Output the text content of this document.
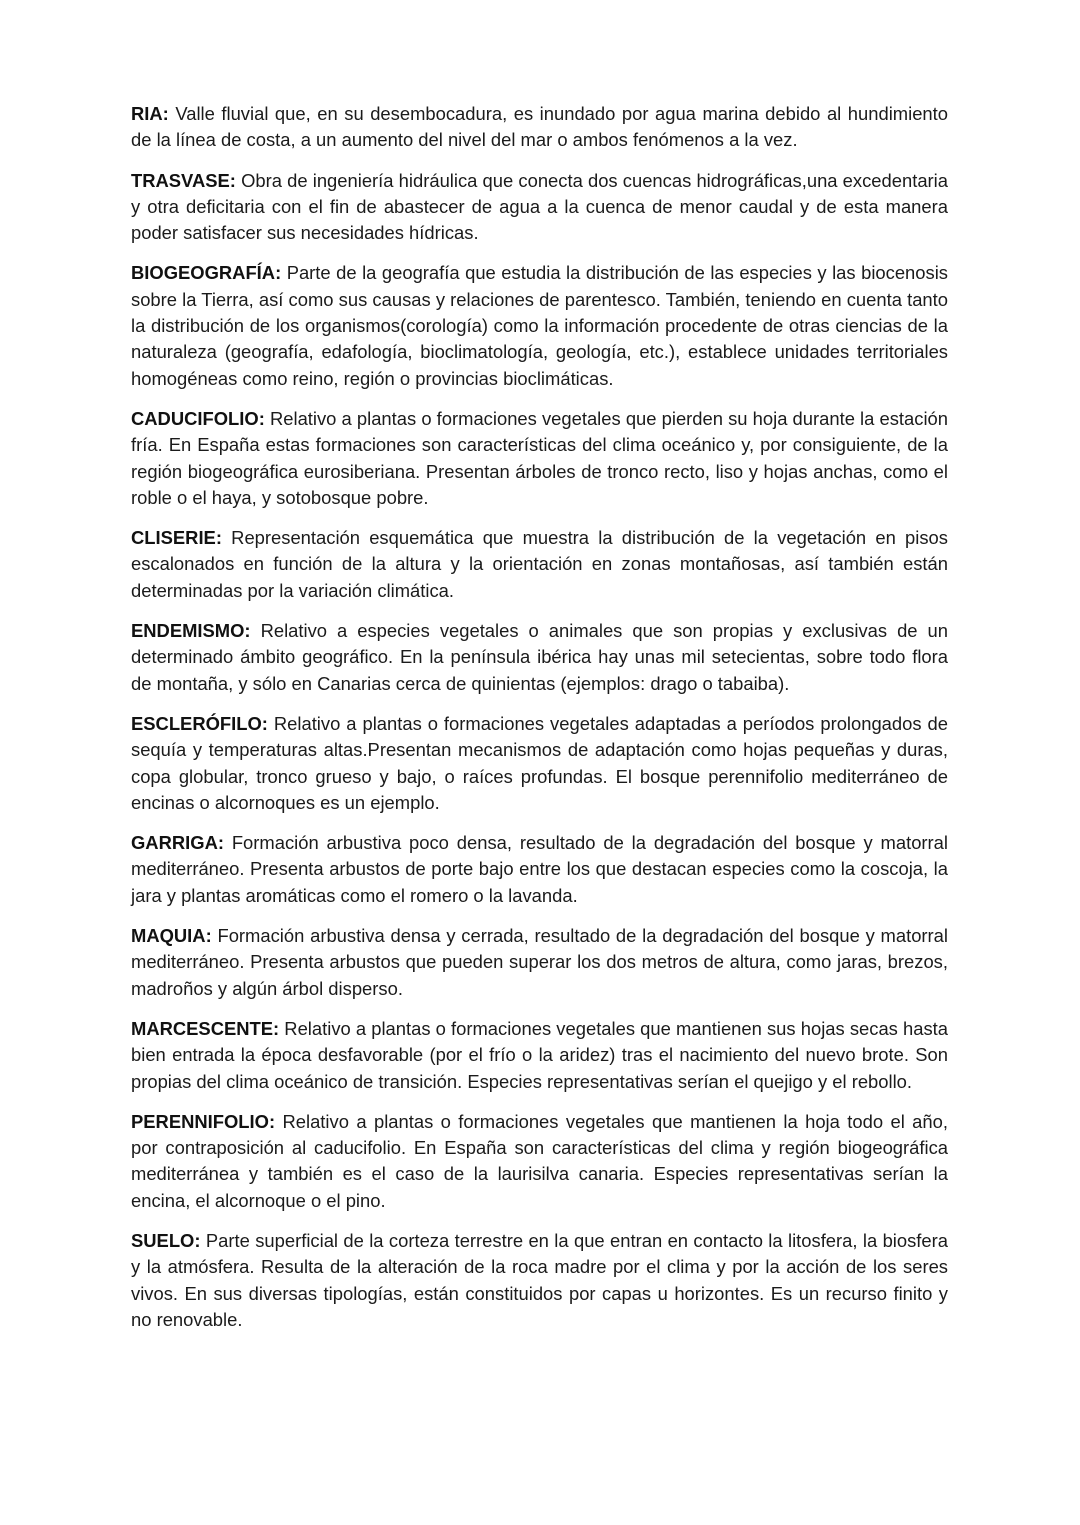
RIA: Valle fluvial que, en su desembocadura, es inundado por agua marina debido al hundimiento de la línea de costa, a un aumento del nivel del mar o ambos fenómenos a la vez.

TRASVASE: Obra de ingeniería hidráulica que conecta dos cuencas hidrográficas,una excedentaria y otra deficitaria con el fin de abastecer de agua a la cuenca de menor caudal y de esta manera poder satisfacer sus necesidades hídricas.

BIOGEOGRAFÍA: Parte de la geografía que estudia la distribución de las especies y las biocenosis sobre la Tierra, así como sus causas y relaciones de parentesco. También, teniendo en cuenta tanto la distribución de los organismos(corología) como la información procedente de otras ciencias de la naturaleza (geografía, edafología, bioclimatología, geología, etc.), establece unidades territoriales homogéneas como reino, región o provincias bioclimáticas.

CADUCIFOLIO: Relativo a plantas o formaciones vegetales que pierden su hoja durante la estación fría. En España estas formaciones son características del clima oceánico y, por consiguiente, de la región biogeográfica eurosiberiana. Presentan árboles de tronco recto, liso y hojas anchas, como el roble o el haya, y sotobosque pobre.

CLISERIE: Representación esquemática que muestra la distribución de la vegetación en pisos escalonados en función de la altura y la orientación en zonas montañosas, así también están determinadas por la variación climática.

ENDEMISMO: Relativo a especies vegetales o animales que son propias y exclusivas de un determinado ámbito geográfico. En la península ibérica hay unas mil setecientas, sobre todo flora de montaña, y sólo en Canarias cerca de quinientas (ejemplos: drago o tabaiba).

ESCLERÓFILO: Relativo a plantas o formaciones vegetales adaptadas a períodos prolongados de sequía y temperaturas altas.Presentan mecanismos de adaptación como hojas pequeñas y duras, copa globular, tronco grueso y bajo, o raíces profundas. El bosque perennifolio mediterráneo de encinas o alcornoques es un ejemplo.

GARRIGA: Formación arbustiva poco densa, resultado de la degradación del bosque y matorral mediterráneo. Presenta arbustos de porte bajo entre los que destacan especies como la coscoja, la jara y plantas aromáticas como el romero o la lavanda.

MAQUIA: Formación arbustiva densa y cerrada, resultado de la degradación del bosque y matorral mediterráneo. Presenta arbustos que pueden superar los dos metros de altura, como jaras, brezos, madroños y algún árbol disperso.

MARCESCENTE: Relativo a plantas o formaciones vegetales que mantienen sus hojas secas hasta bien entrada la época desfavorable (por el frío o la aridez) tras el nacimiento del nuevo brote. Son propias del clima oceánico de transición. Especies representativas serían el quejigo y el rebollo.

PERENNIFOLIO: Relativo a plantas o formaciones vegetales que mantienen la hoja todo el año, por contraposición al caducifolio. En España son características del clima y región biogeográfica mediterránea y también es el caso de la laurisilva canaria. Especies representativas serían la encina, el alcornoque o el pino.

SUELO: Parte superficial de la corteza terrestre en la que entran en contacto la litosfera, la biosfera y la atmósfera. Resulta de la alteración de la roca madre por el clima y por la acción de los seres vivos. En sus diversas tipologías, están constituidos por capas u horizontes. Es un recurso finito y no renovable.
